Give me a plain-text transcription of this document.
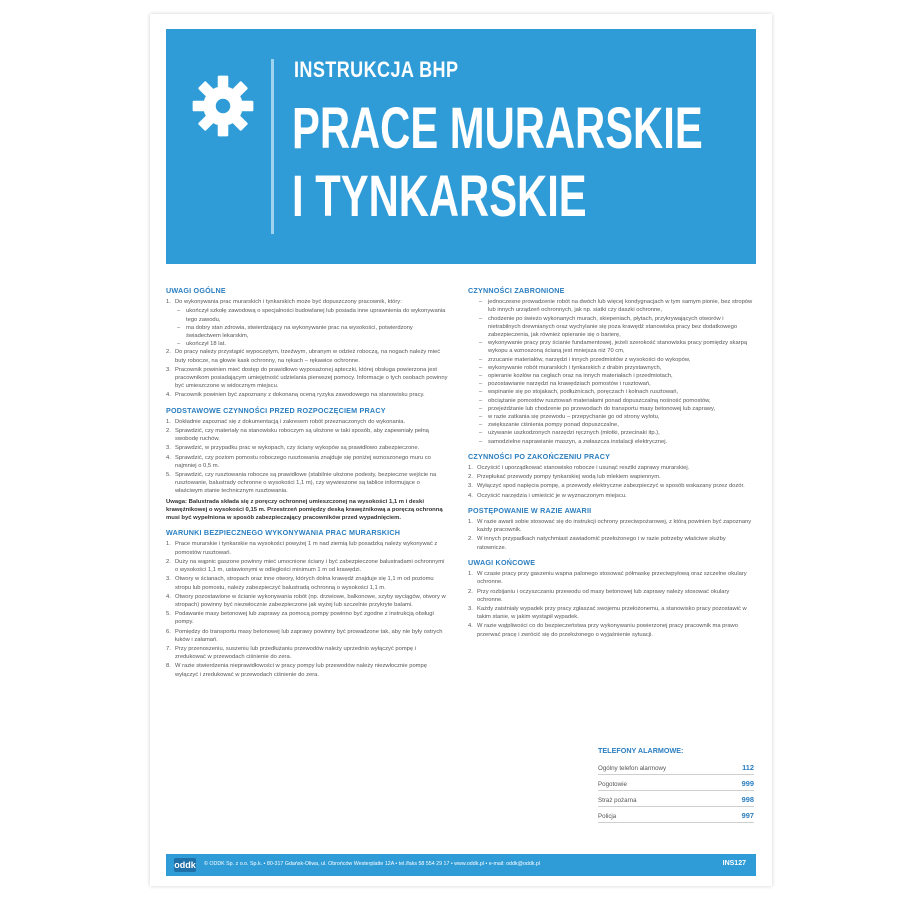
INSTRUKCJA BHP
PRACE MURARSKIE
I TYNKARSKIE
UWAGI OGÓLNE
1. Do wykonywania prac murarskich i tynkarskich może być dopuszczony pracownik, który:
– ukończył szkołę zawodową o specjalności budowlanej lub posiada inne uprawnienia do wykonywania tego zawodu,
– ma dobry stan zdrowia, stwierdzający na wykonywanie prac na wysokości, potwierdzony świadectwem lekarskim,
– ukończył 18 lat.
2. Do pracy należy przystąpić wypoczętym, trzeźwym, ubranym w odzież roboczą, na nogach należy mieć buty robocze, na głowie kask ochronny, na rękach – rękawice ochronne.
3. Pracownik powinien mieć dostęp do prawidłowo wyposażonej apteczki, której obsługa powierzona jest pracownikom posiadającym umiejętność udzielania pierwszej pomocy. Informacje o tych osobach powinny być umieszczone w widocznym miejscu.
4. Pracownik powinien być zapoznany z dokonaną oceną ryzyka zawodowego na stanowisku pracy.
PODSTAWOWE CZYNNOŚCI PRZED ROZPOCZĘCIEM PRACY
1. Dokładnie zapoznać się z dokumentacją i zakresem robót przeznaczonych do wykonania.
2. Sprawdzić, czy materiały na stanowisku roboczym są ułożone w taki sposób, aby zapewniały pełną swobodę ruchów.
3. Sprawdzić, w przypadku prac w wykopach, czy ściany wykopów są prawidłowo zabezpieczone.
4. Sprawdzić, czy poziom pomostu roboczego rusztowania znajduje się poniżej wznoszonego muru co najmniej o 0,5 m.
5. Sprawdzić, czy rusztowania robocze są prawidłowe (stabilnie ułożone podesty, bezpieczne wejście na rusztowanie, balustrady ochronne o wysokości 1,1 m), czy wywieszone są tablice informujące o właściwym stanie technicznym rusztowania.
Uwaga: Balustrada składa się z poręczy ochronnej umieszczonej na wysokości 1,1 m i deski krawężnikowej o wysokości 0,15 m. Przestrzeń pomiędzy deską krawężnikową a poręczą ochronną musi być wypełniona w sposób zabezpieczający pracowników przed wypadnięciem.
WARUNKI BEZPIECZNEGO WYKONYWANIA PRAC MURARSKICH
1. Prace murarskie i tynkarskie na wysokości powyżej 1 m nad ziemią lub posadzką należy wykonywać z pomostów rusztowań.
2. Duży na wąpnic gaszone powinny mieć umocnione ściany i być zabezpieczone balustradami ochronnymi o wysokości 1,1 m, ustawionymi w odległości minimum 1 m od krawędzi.
3. Otwory w ścianach, stropach oraz inne otwory, których dolna krawędź znajduje się 1,1 m od poziomu stropu lub pomostu, należy zabezpieczyć balustradą ochronną o wysokości 1,1 m.
4. Otwory pozostawione w ścianie wykonywania robót (np. drzwiowe, balkonowe, szyby wyciągów, otwory w stropach) powinny być niezwłocznie zabezpieczone jak wyżej lub szczelnie przykryte balami.
5. Podawanie masy betonowej lub zaprawy za pomocą pompy powinno być zgodne z instrukcją obsługi pompy.
6. Pomiędzy do transportu masy betonowej lub zaprawy powinny być prowadzone tak, aby nie były ostrych łuków i załamań.
7. Przy przenoszeniu, suszeniu lub przedłużaniu przewodów należy uprzednio wyłączyć pompę i zredukować w przewodach ciśnienie do zera.
8. W razie stwierdzenia nieprawidłowości w pracy pompy lub przewodów należy niezwłocznie pompę wyłączyć i zredukować w przewodach ciśnienie do zera.
CZYNNOŚCI ZABRONIONE
– jednoczesne prowadzenie robót na dwóch lub więcej kondygnacjach w tym samym pionie, bez stropów lub innych urządzeń ochronnych, jak np. siatki czy daszki ochronne,
– chodzenie po świeżo wykonanych murach, skiepeniach, płytach, przykrywających otworów i nietrabilnych drewnianych oraz wychylanie się poza krawędź stanowiska pracy bez dodatkowego zabezpieczenia, jak również opieranie się o barierę,
– wykonywanie pracy przy ścianie fundamentowej, jeżeli szerokość stanowiska pracy pomiędzy skarpą wykopu a wznoszoną ścianą jest mniejsza niż 70 cm,
– zrzucanie materiałów, narzędzi i innych przedmiotów z wysokości do wykopów,
– wykonywanie robót murarskich i tynkarskich z drabin przystawnych,
– opieranie kozłów na cegłach oraz na innych materiałach i przedmiotach,
– pozostawianie narzędzi na krawędziach pomostów i rusztowań,
– wspinanie się po stojakach, podłużnicach, poręczach i kolnach rusztowań,
– obciążanie pomostów rusztowań materiałami ponad dopuszczalną nośność pomostów,
– przejeżdżanie lub chodzenie po przewodach do transportu masy betonowej lub zaprawy,
– w razie zatkania się przewodu – przepychanie go od strony wylotu,
– zwiększanie ciśnienia pompy ponad dopuszczalne,
– używanie uszkodzonych narzędzi ręcznych (młotki, przecinaki itp.),
– samodzielne naprawianie maszyn, a zwłaszcza instalacji elektrycznej.
CZYNNOŚCI PO ZAKOŃCZENIU PRACY
1. Oczyścić i uporządkować stanowisko robocze i usunąć resztki zaprawy murarskiej.
2. Przepłukać przewody pompy tynkarskiej wodą lub mlekiem wapiennym.
3. Wyłączyć spod napięcia pompę, a przewody elektryczne zabezpieczyć w sposób wskazany przez dozór.
4. Oczyścić narzędzia i umieścić je w wyznaczonym miejscu.
POSTĘPOWANIE W RAZIE AWARII
1. W razie awarii sobie stosować się do instrukcji ochrony przeciwpożarowej, z którą powinien być zapoznany każdy pracownik.
2. W innych przypadkach natychmiast zawiadomić przełożonego i w razie potrzeby właściwe służby ratownicze.
UWAGI KOŃCOWE
1. W czasie pracy przy gaszeniu wapna palonego stosować półmaskę przeciwpyłową oraz szczelne okulary ochronne.
2. Przy rozbijaniu i oczyszczaniu przewodu od masy betonowej lub zaprawy należy stosować okulary ochronne.
3. Każdy zaistniały wypadek przy pracy zgłaszać swojemu przełożonemu, a stanowisko pracy pozostawić w takim stanie, w jakim wystąpił wypadek.
4. W razie wątpliwości co do bezpieczeństwa przy wykonywaniu powierzonej pracy pracownik ma prawo przerwać pracę i zwrócić się do przełożonego o wyjaśnienie sytuacji.
TELEFONY ALARMOWE:
Ogólny telefon alarmowy	112
Pogotowie	999
Straż pożarna	998
Policja	997
oddk © ODDK Sp. z o.o. Sp.k. • 80-317 Gdańsk-Oliwa, ul. Obrońców Westerplatte 12A • tel./faks 58 554 29 17 • www.oddk.pl • e-mail: oddk@oddk.pl	INS127
